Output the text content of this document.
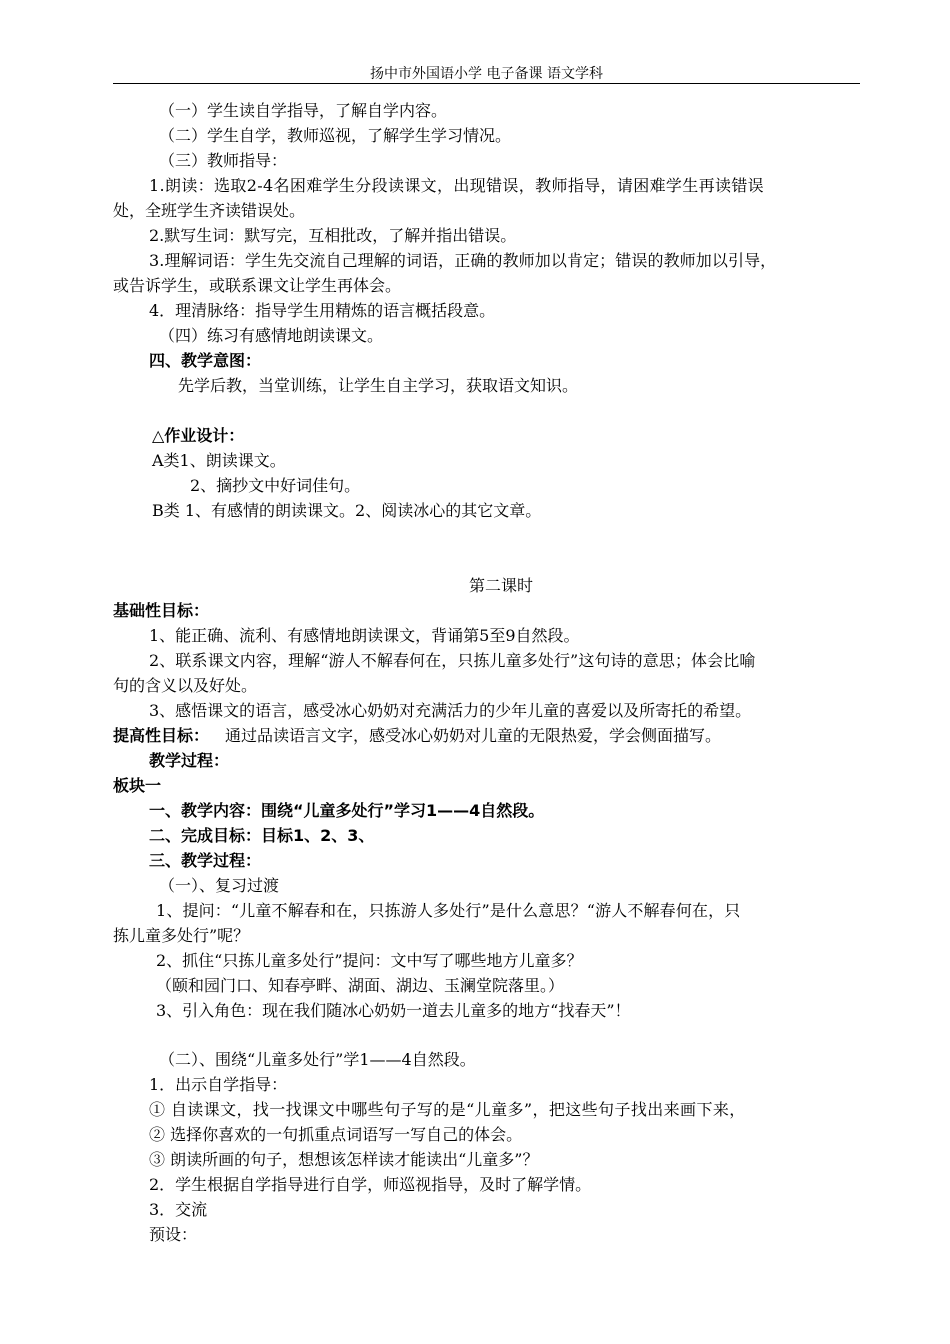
扬中市外国语小学 电子备课 语文学科
（一）学生读自学指导，了解自学内容。
（二）学生自学，教师巡视，了解学生学习情况。
（三）教师指导：
1.朗读：选取2-4名困难学生分段读课文，出现错误，教师指导，请困难学生再读错误
处，全班学生齐读错误处。
2.默写生词：默写完，互相批改，了解并指出错误。
3.理解词语：学生先交流自己理解的词语，正确的教师加以肯定；错误的教师加以引导，
或告诉学生，或联系课文让学生再体会。
4．理清脉络：指导学生用精炼的语言概括段意。
（四）练习有感情地朗读课文。
四、教学意图：
先学后教，当堂训练，让学生自主学习，获取语文知识。
△作业设计：
A类1、朗读课文。
2、摘抄文中好词佳句。
B类 1、有感情的朗读课文。2、阅读冰心的其它文章。
第二课时
基础性目标：
1、能正确、流利、有感情地朗读课文，背诵第5至9自然段。
2、联系课文内容，理解“游人不解春何在，只拣儿童多处行”这句诗的意思；体会比喻
句的含义以及好处。
3、感悟课文的语言，感受冰心奶奶对充满活力的少年儿童的喜爱以及所寄托的希望。
提高性目标： 通过品读语言文字，感受冰心奶奶对儿童的无限热爱，学会侧面描写。
教学过程：
板块一
一、教学内容：围绕“儿童多处行”学习1——4自然段。
二、完成目标：目标1、2、3、
三、教学过程：
（一）、复习过渡
1、提问：“儿童不解春和在，只拣游人多处行”是什么意思？“游人不解春何在，只
拣儿童多处行”呢？
2、抓住“只拣儿童多处行”提问：文中写了哪些地方儿童多？
（颐和园门口、知春亭畔、湖面、湖边、玉澜堂院落里。）
3、引入角色：现在我们随冰心奶奶一道去儿童多的地方“找春天”！
（二）、围绕“儿童多处行”学1——4自然段。
1．出示自学指导：
① 自读课文，找一找课文中哪些句子写的是“儿童多”，把这些句子找出来画下来，
② 选择你喜欢的一句抓重点词语写一写自己的体会。
③ 朗读所画的句子，想想该怎样读才能读出“儿童多”？
2．学生根据自学指导进行自学，师巡视指导，及时了解学情。
3．交流
预设：
